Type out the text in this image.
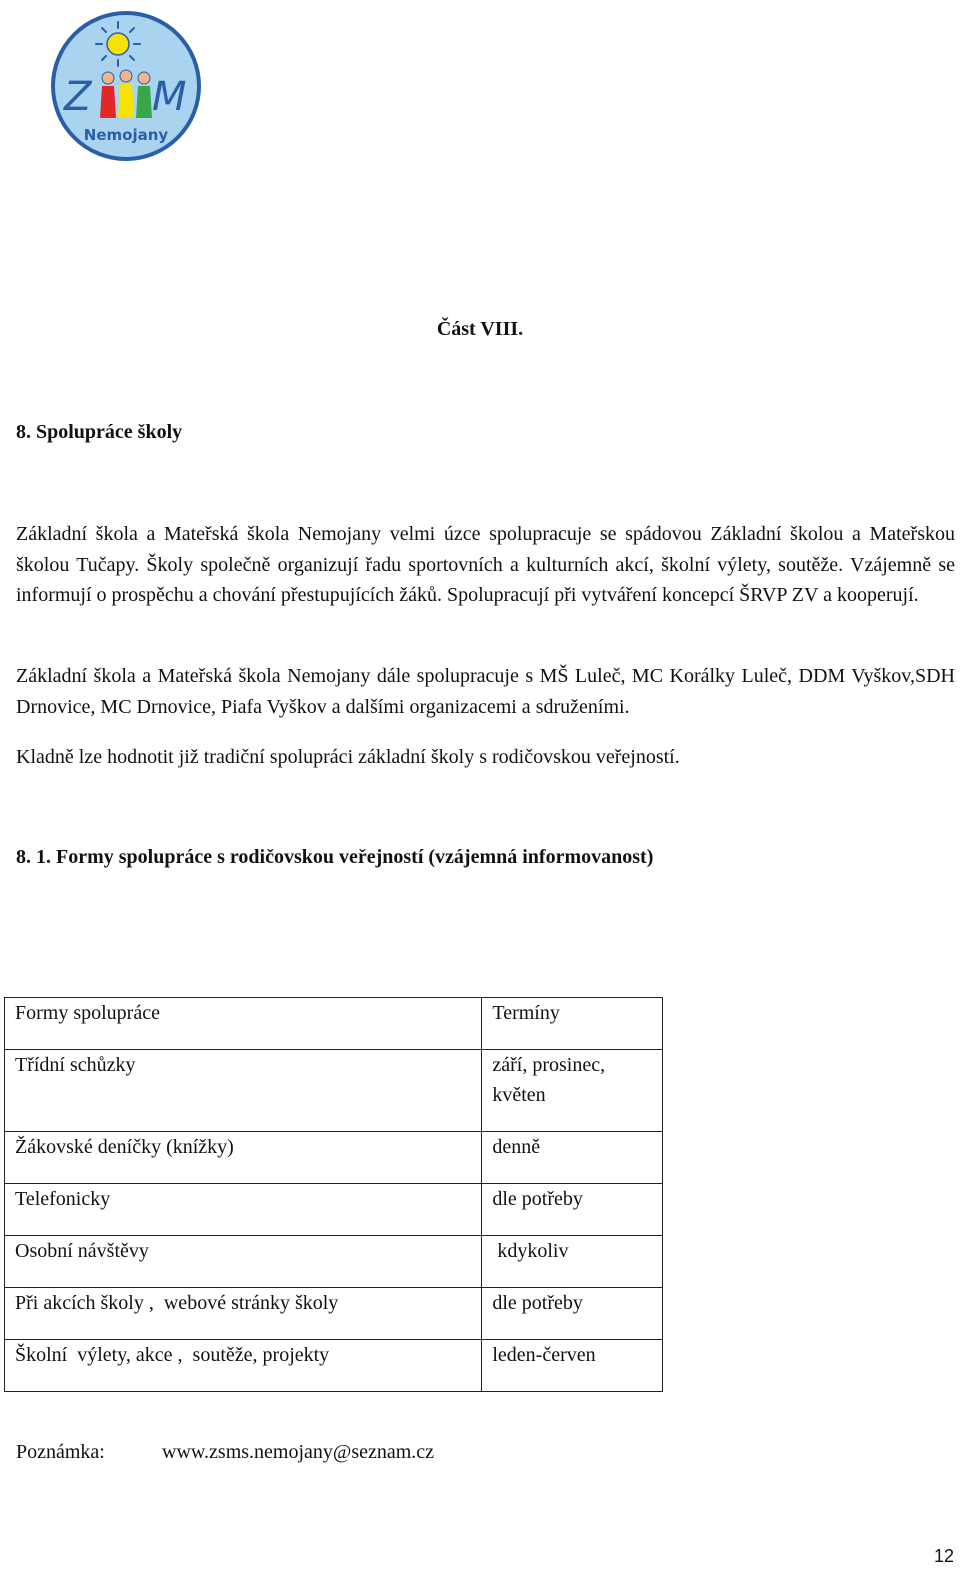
Z M
Nemojany
Část VIII.
8. Spolupráce školy

Základní škola a Mateřská škola Nemojany velmi úzce spolupracuje se spádovou Základní školou a Mateřskou školou Tučapy. Školy společně organizují řadu sportovních a kulturních akcí, školní výlety, soutěže. Vzájemně se informují o prospěchu a chování přestupujících žáků. Spolupracují při vytváření koncepcí ŠRVP ZV a kooperují.

Základní škola a Mateřská škola Nemojany dále spolupracuje s MŠ Luleč, MC Korálky Luleč, DDM Vyškov,SDH Drnovice, MC Drnovice, Piafa Vyškov a dalšími organizacemi a sdruženími.

Kladně lze hodnotit již tradiční spolupráci základní školy s rodičovskou veřejností.

8. 1. Formy spolupráce s rodičovskou veřejností (vzájemná informovanost)
Formy spolupráce	Termíny
Třídní schůzky	září, prosinec, květen
Žákovské deníčky (knížky)	denně
Telefonicky	dle potřeby
Osobní návštěvy	kdykoliv
Při akcích školy ,  webové stránky školy	dle potřeby
Školní  výlety, akce ,  soutěže, projekty	leden-červen
Poznámka:	www.zsms.nemojany@seznam.cz
12
